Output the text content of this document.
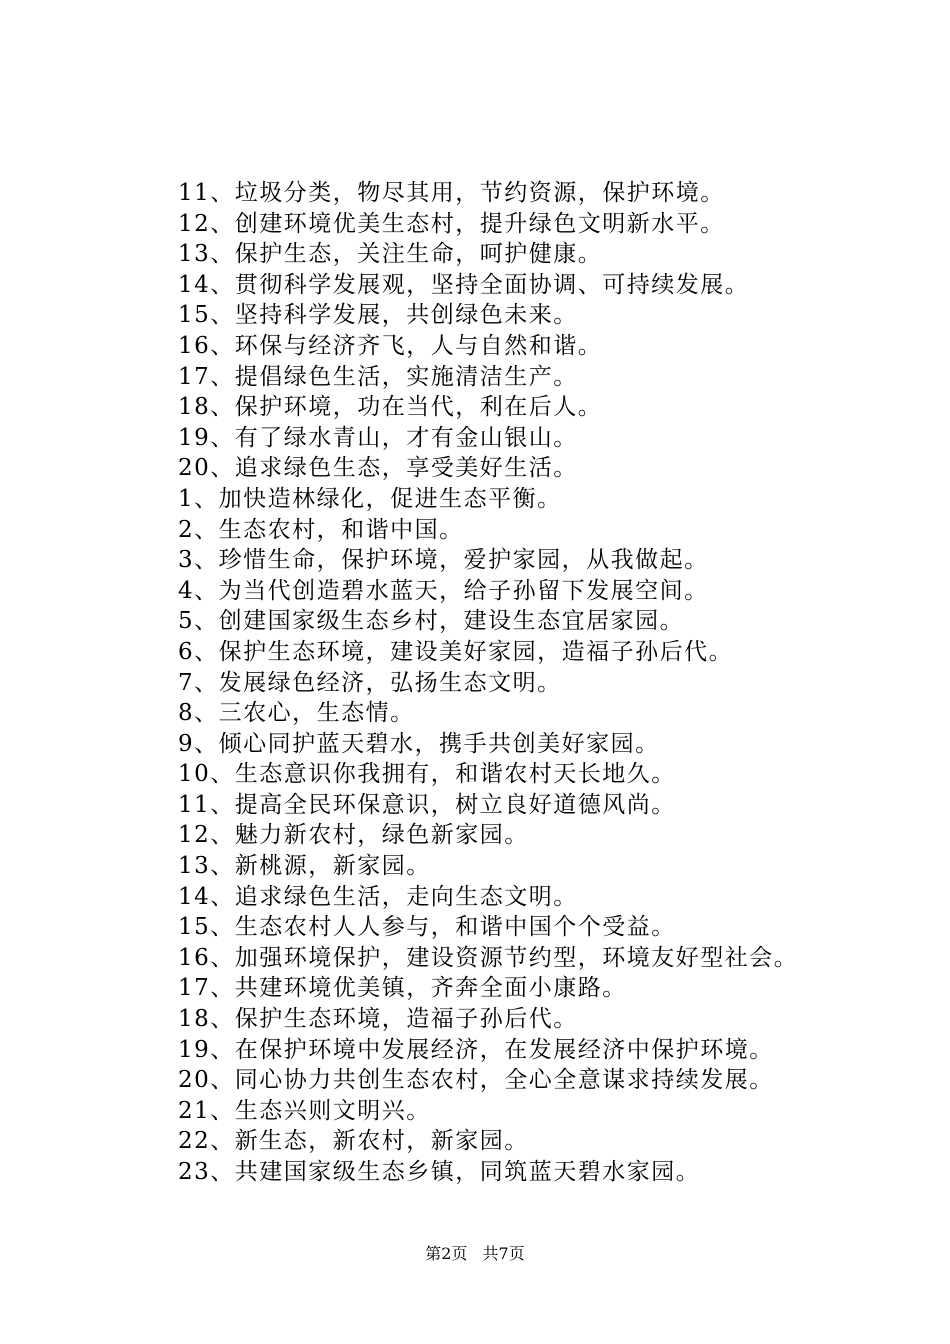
11、垃圾分类，物尽其用，节约资源，保护环境。
12、创建环境优美生态村，提升绿色文明新水平。
13、保护生态，关注生命，呵护健康。
14、贯彻科学发展观，坚持全面协调、可持续发展。
15、坚持科学发展，共创绿色未来。
16、环保与经济齐飞，人与自然和谐。
17、提倡绿色生活，实施清洁生产。
18、保护环境，功在当代，利在后人。
19、有了绿水青山，才有金山银山。
20、追求绿色生态，享受美好生活。
1、加快造林绿化，促进生态平衡。
2、生态农村，和谐中国。
3、珍惜生命，保护环境，爱护家园，从我做起。
4、为当代创造碧水蓝天，给子孙留下发展空间。
5、创建国家级生态乡村，建设生态宜居家园。
6、保护生态环境，建设美好家园，造福子孙后代。
7、发展绿色经济，弘扬生态文明。
8、三农心，生态情。
9、倾心同护蓝天碧水，携手共创美好家园。
10、生态意识你我拥有，和谐农村天长地久。
11、提高全民环保意识，树立良好道德风尚。
12、魅力新农村，绿色新家园。
13、新桃源，新家园。
14、追求绿色生活，走向生态文明。
15、生态农村人人参与，和谐中国个个受益。
16、加强环境保护，建设资源节约型，环境友好型社会。
17、共建环境优美镇，齐奔全面小康路。
18、保护生态环境，造福子孙后代。
19、在保护环境中发展经济，在发展经济中保护环境。
20、同心协力共创生态农村，全心全意谋求持续发展。
21、生态兴则文明兴。
22、新生态，新农村，新家园。
23、共建国家级生态乡镇，同筑蓝天碧水家园。
第2页 共7页
